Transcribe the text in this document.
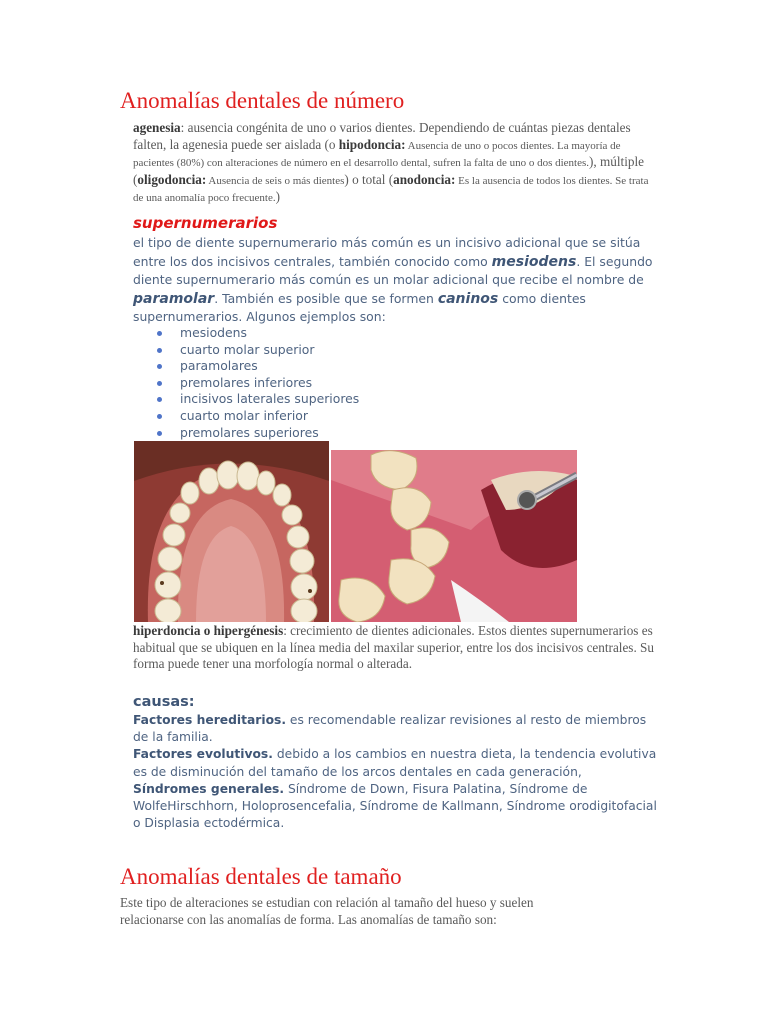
Anomalías dentales de número
agenesia: ausencia congénita de uno o varios dientes. Dependiendo de cuántas piezas dentales falten, la agenesia puede ser aislada (o hipodoncia: Ausencia de uno o pocos dientes. La mayoría de pacientes (80%) con alteraciones de número en el desarrollo dental, sufren la falta de uno o dos dientes.), múltiple (oligodoncia: Ausencia de seis o más dientes) o total (anodoncia: Es la ausencia de todos los dientes. Se trata de una anomalía poco frecuente.)
supernumerarios
el tipo de diente supernumerario más común es un incisivo adicional que se sitúa entre los dos incisivos centrales, también conocido como mesiodens. El segundo diente supernumerario más común es un molar adicional que recibe el nombre de paramolar. También es posible que se formen caninos como dientes supernumerarios. Algunos ejemplos son:
mesiodens
cuarto molar superior
paramolares
premolares inferiores
incisivos laterales superiores
cuarto molar inferior
premolares superiores
hiperdoncia o hipergénesis: crecimiento de dientes adicionales. Estos dientes supernumerarios es habitual que se ubiquen en la línea media del maxilar superior, entre los dos incisivos centrales. Su forma puede tener una morfología normal o alterada.
causas:
Factores hereditarios. es recomendable realizar revisiones al resto de miembros de la familia.
Factores evolutivos. debido a los cambios en nuestra dieta, la tendencia evolutiva es de disminución del tamaño de los arcos dentales en cada generación,
Síndromes generales. Síndrome de Down, Fisura Palatina, Síndrome de WolfeHirschhorn, Holoprosencefalia, Síndrome de Kallmann, Síndrome orodigitofacial o Displasia ectodérmica.
Anomalías dentales de tamaño
Este tipo de alteraciones se estudian con relación al tamaño del hueso y suelen relacionarse con las anomalías de forma. Las anomalías de tamaño son:
